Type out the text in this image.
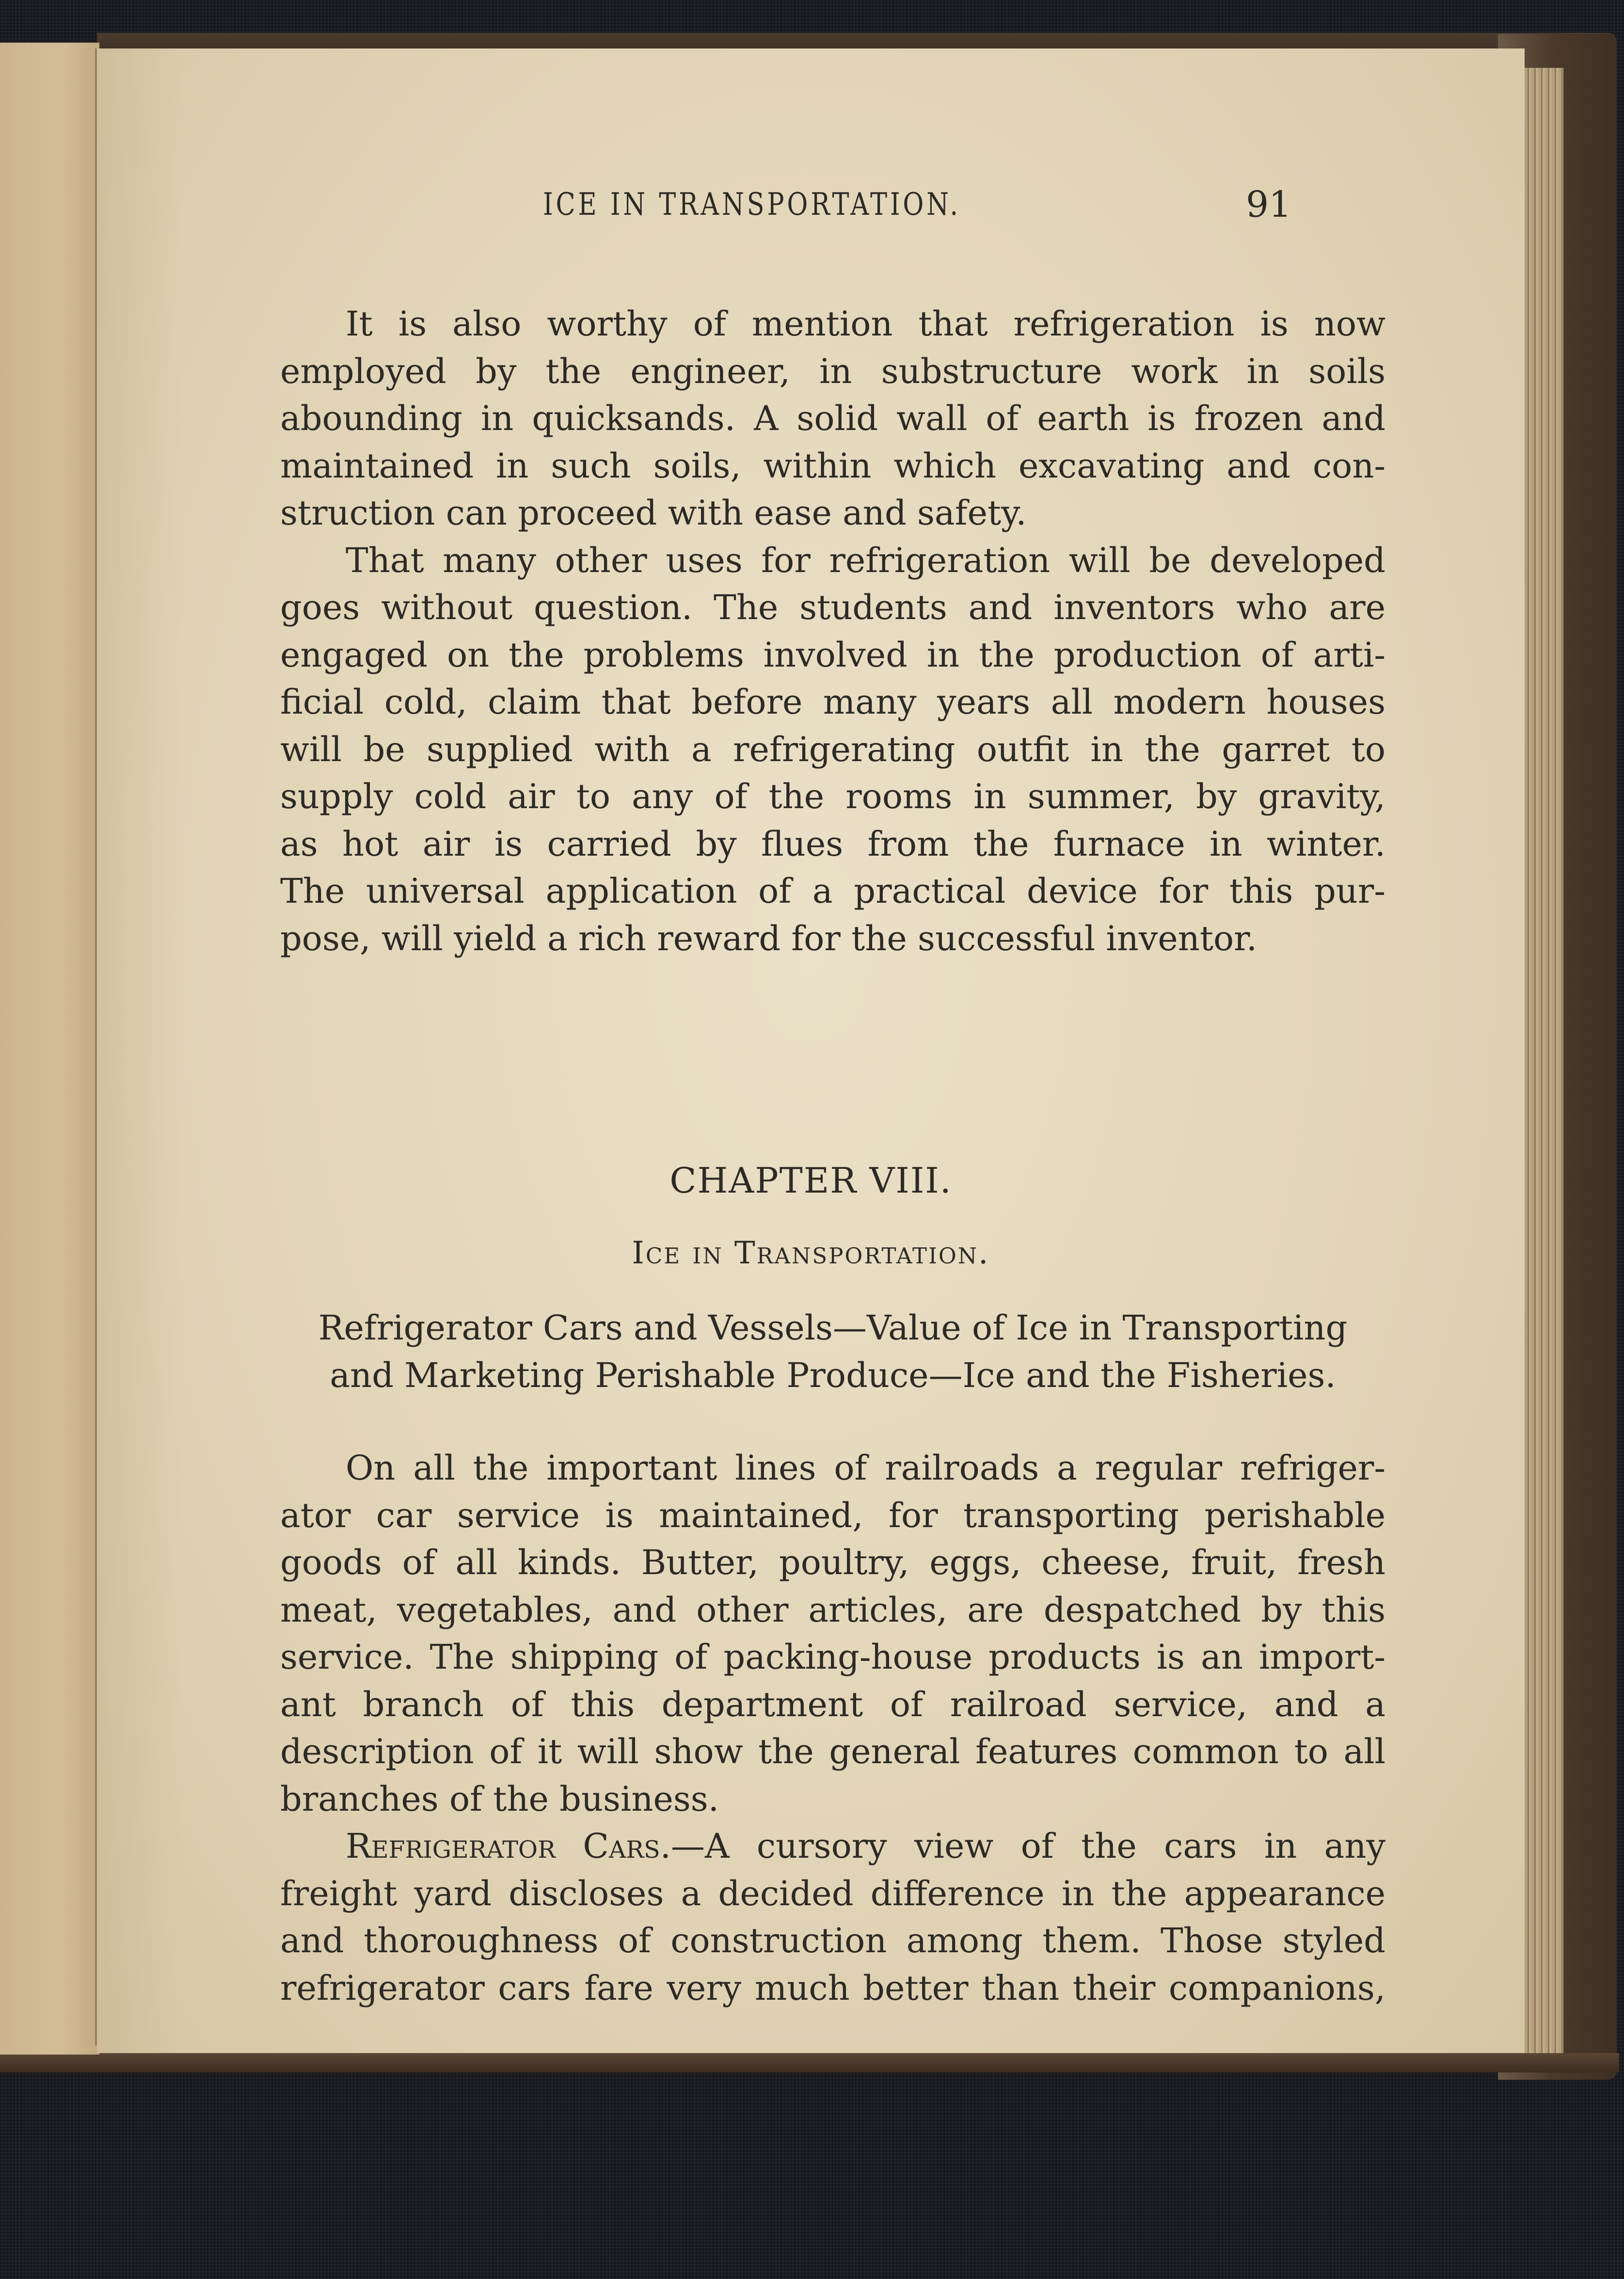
ICE IN TRANSPORTATION.	91
It is also worthy of mention that refrigeration is now
employed by the engineer, in substructure work in soils
abounding in quicksands. A solid wall of earth is frozen and
maintained in such soils, within which excavating and con-
struction can proceed with ease and safety.
That many other uses for refrigeration will be developed
goes without question. The students and inventors who are
engaged on the problems involved in the production of arti-
ficial cold, claim that before many years all modern houses
will be supplied with a refrigerating outfit in the garret to
supply cold air to any of the rooms in summer, by gravity,
as hot air is carried by flues from the furnace in winter.
The universal application of a practical device for this pur-
pose, will yield a rich reward for the successful inventor.
CHAPTER VIII.
Ice in Transportation.
Refrigerator Cars and Vessels—Value of Ice in Transporting
and Marketing Perishable Produce—Ice and the Fisheries.
On all the important lines of railroads a regular refriger-
ator car service is maintained, for transporting perishable
goods of all kinds. Butter, poultry, eggs, cheese, fruit, fresh
meat, vegetables, and other articles, are despatched by this
service. The shipping of packing-house products is an import-
ant branch of this department of railroad service, and a
description of it will show the general features common to all
branches of the business.
Refrigerator Cars.—A cursory view of the cars in any
freight yard discloses a decided difference in the appearance
and thoroughness of construction among them. Those styled
refrigerator cars fare very much better than their companions,
